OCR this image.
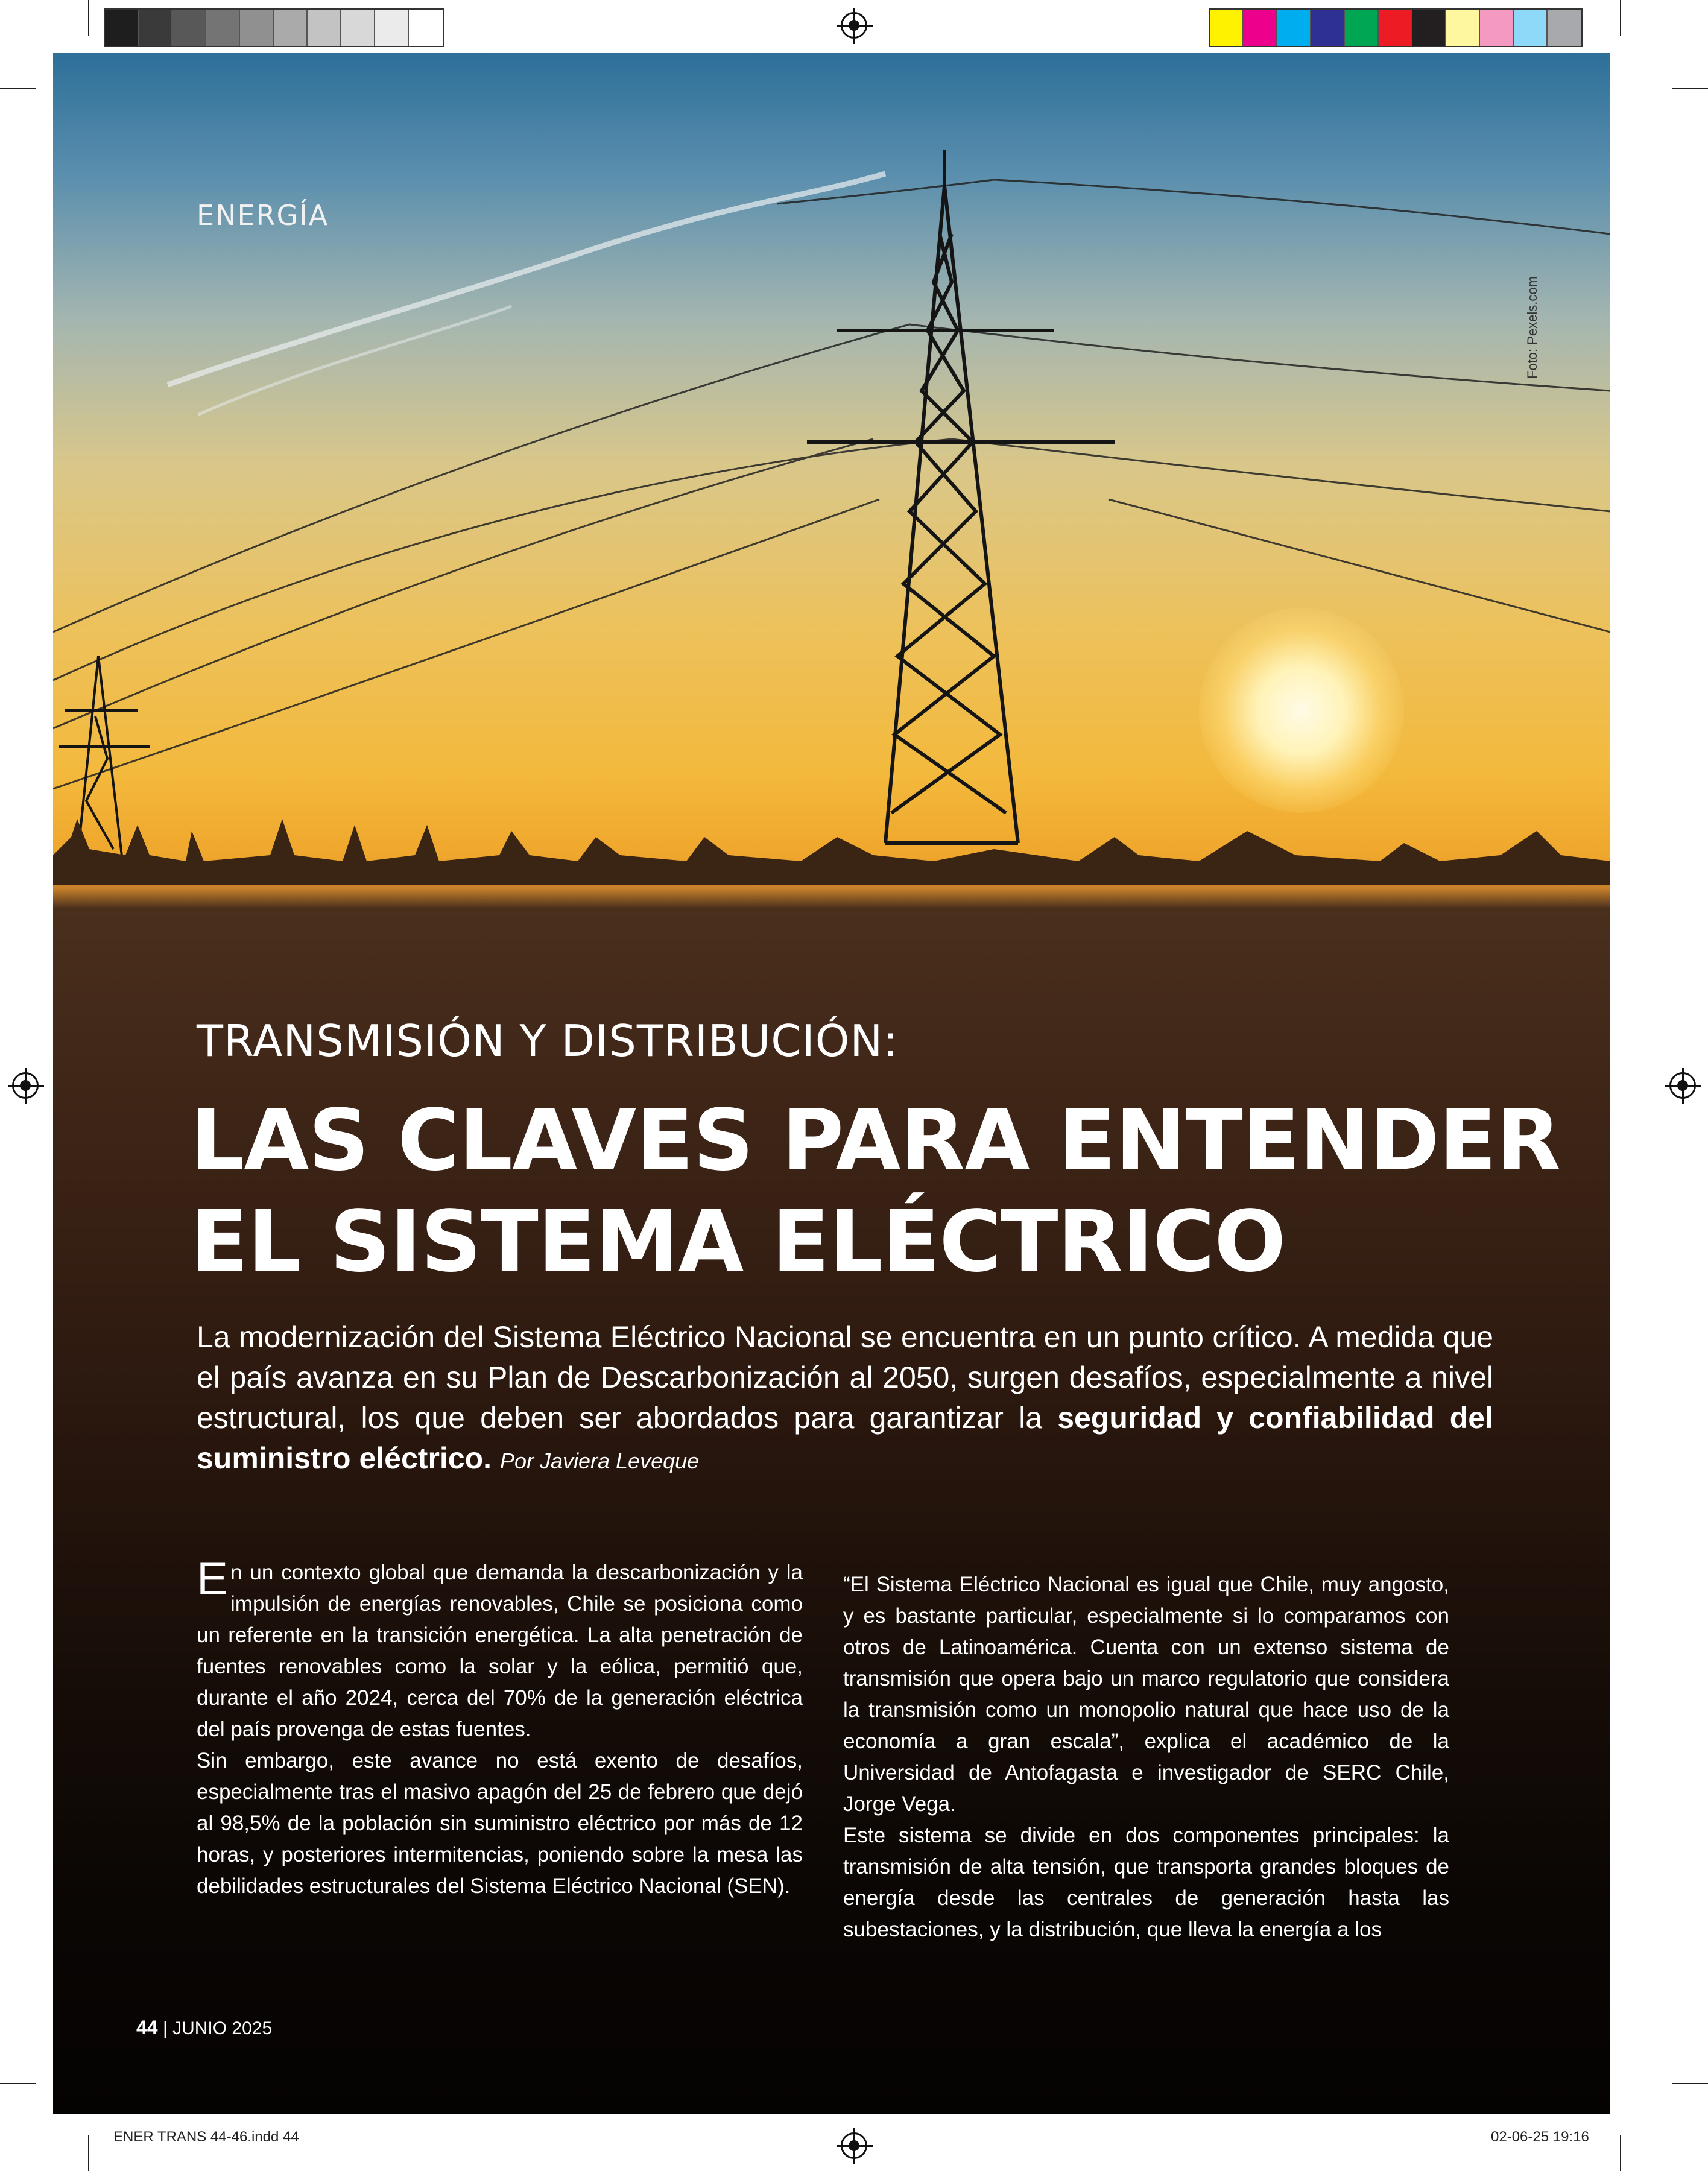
Foto: Pexels.com
ENERGÍA
TRANSMISIÓN Y DISTRIBUCIÓN:
LAS CLAVES PARA ENTENDER
EL SISTEMA ELÉCTRICO
La modernización del Sistema Eléctrico Nacional se encuentra en un punto crítico. A medida que el país avanza en su Plan de Descarbonización al 2050, surgen desafíos, especialmente a nivel estructural, los que deben ser abordados para garantizar la seguridad y confiabilidad del suministro eléctrico. Por Javiera Leveque

En un contexto global que demanda la descarbonización y la impulsión de energías renovables, Chile se posiciona como un referente en la transición energética. La alta penetración de fuentes renovables como la solar y la eólica, permitió que, durante el año 2024, cerca del 70% de la generación eléctrica del país provenga de estas fuentes.

Sin embargo, este avance no está exento de desafíos, especialmente tras el masivo apagón del 25 de febrero que dejó al 98,5% de la población sin suministro eléctrico por más de 12 horas, y posteriores intermitencias, poniendo sobre la mesa las debilidades estructurales del Sistema Eléctrico Nacional (SEN).

“El Sistema Eléctrico Nacional es igual que Chile, muy angosto, y es bastante particular, especialmente si lo comparamos con otros de Latinoamérica. Cuenta con un extenso sistema de transmisión que opera bajo un marco regulatorio que considera la transmisión como un monopolio natural que hace uso de la economía a gran escala”, explica el académico de la Universidad de Antofagasta e investigador de SERC Chile, Jorge Vega.

Este sistema se divide en dos componentes principales: la transmisión de alta tensión, que transporta grandes bloques de energía desde las centrales de generación hasta las subestaciones, y la distribución, que lleva la energía a los

44 | JUNIO 2025
ENER TRANS 44-46.indd 44	02-06-25 19:16
